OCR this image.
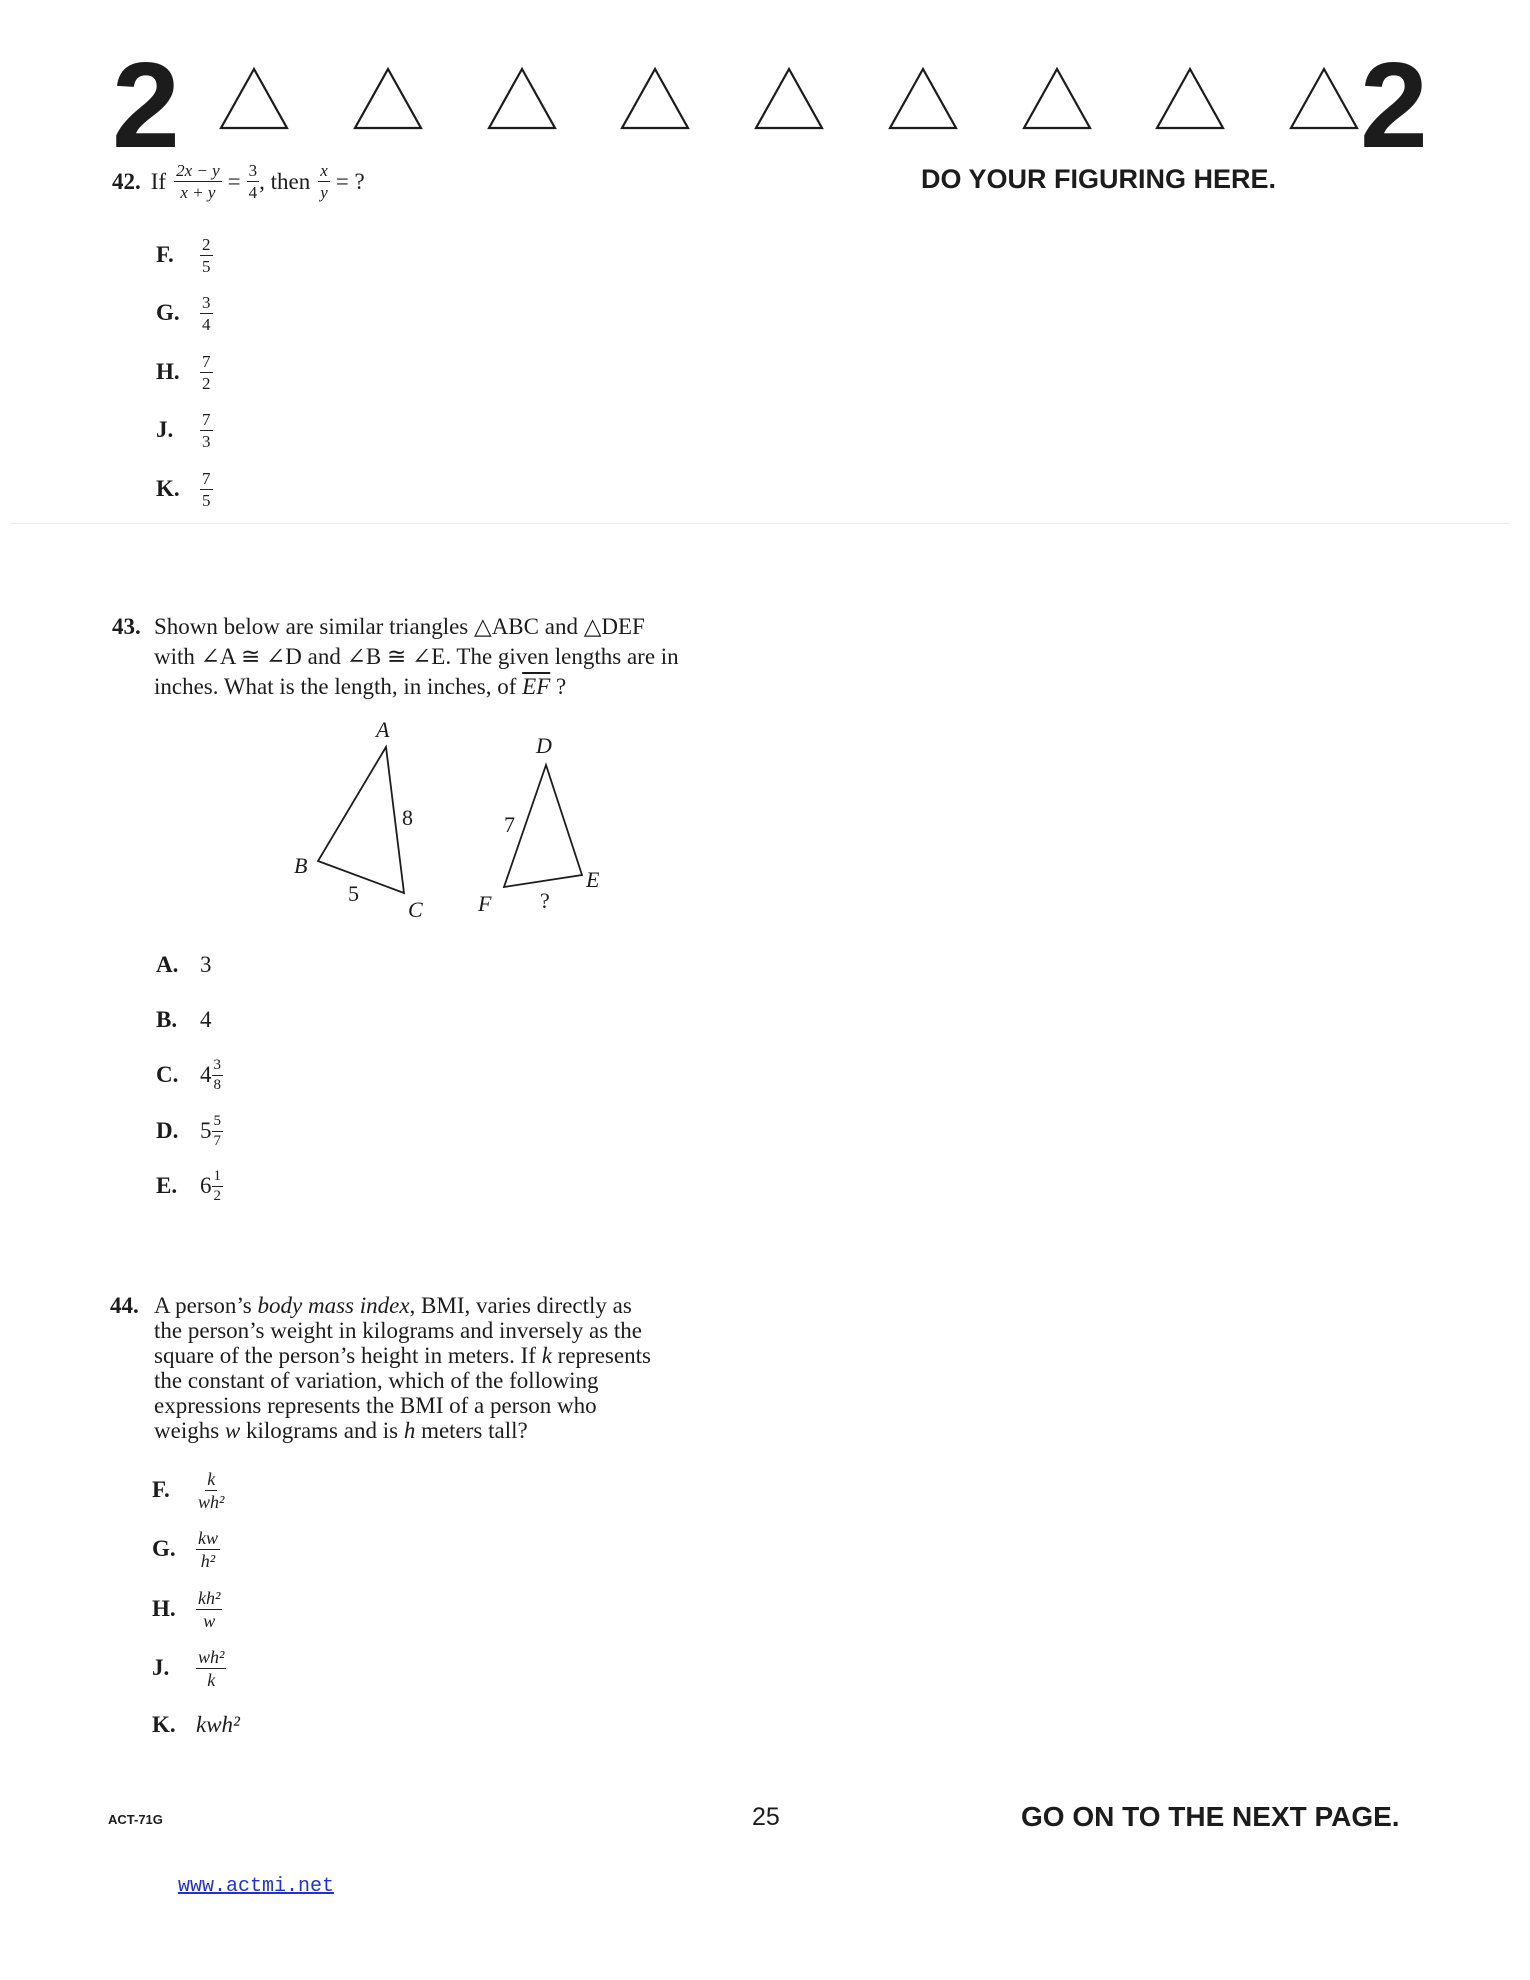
2	2
DO YOUR FIGURING HERE.
42. If $\frac{2x - y}{x + y} = \frac{3}{4}$ , then $\frac{x}{y}$ = ?
F.	$\frac{2}{5}$
G.	$\frac{3}{4}$
H.	$\frac{7}{2}$
J.	$\frac{7}{3}$
K.	$\frac{7}{5}$
43. Shown below are similar triangles △ABC and △DEF
with ∠A ≅ ∠D and ∠B ≅ ∠E. The given lengths are in
inches. What is the length, in inches, of $\overline{EF}$ ?
A
B
C
D
E
F
8
5
7
?
A. 3
B. 4
C. $4 \frac{3}{8}$
D. $5 \frac{5}{7}$
E. $6 \frac{1}{2}$
44. A person’s body mass index, BMI, varies directly as
the person’s weight in kilograms and inversely as the
square of the person’s height in meters. If k represents
the constant of variation, which of the following
expressions represents the BMI of a person who
weighs w kilograms and is h meters tall?
F.	$\frac{k}{\text{wh²}}$
G.	$\frac{kw}{\text{h²}}$
H.	$\frac{\text{kh²}}{w}$
J.	$\frac{\text{wh²}}{k}$
K. kwh²
ACT-71G	25	GO ON TO THE NEXT PAGE.
www.actmi.net
